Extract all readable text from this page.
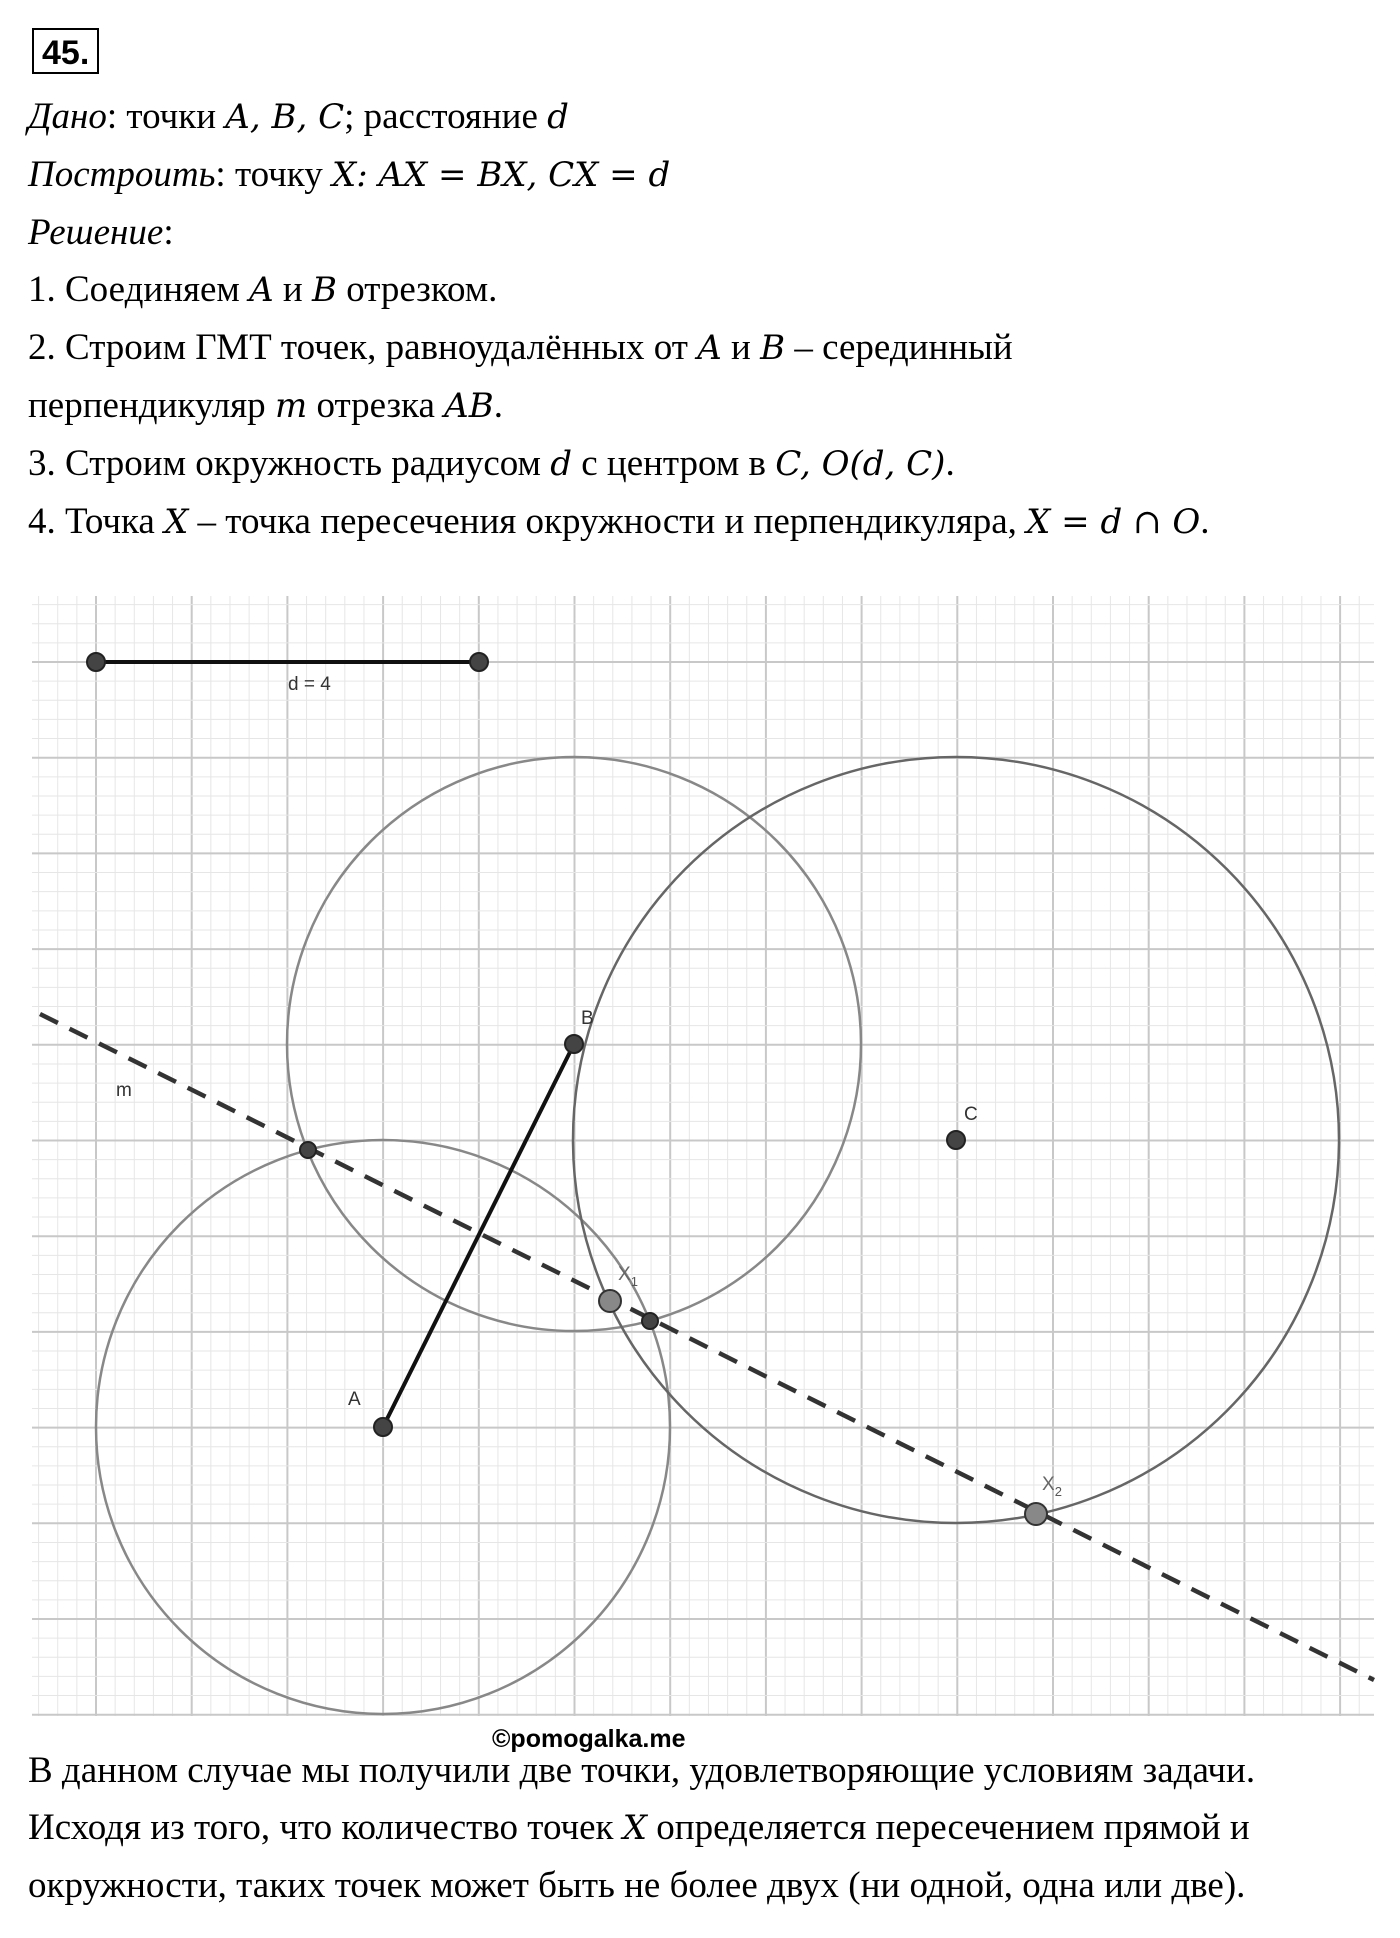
45.
Дано: точки A, B, C; расстояние d
Построить: точку X: AX = BX, CX = d
Решение:
1. Соединяем A и B отрезком.
2. Строим ГМТ точек, равноудалённых от A и B – серединный
перпендикуляр m отрезка AB.
3. Строим окружность радиусом d с центром в C, O(d, C).
4. Точка X – точка пересечения окружности и перпендикуляра, X = d ∩ O.
d = 4
A
B
C
m
$X_1$
$X_2$
©pomogalka.me
В данном случае мы получили две точки, удовлетворяющие условиям задачи.
Исходя из того, что количество точек X определяется пересечением прямой и
окружности, таких точек может быть не более двух (ни одной, одна или две).
